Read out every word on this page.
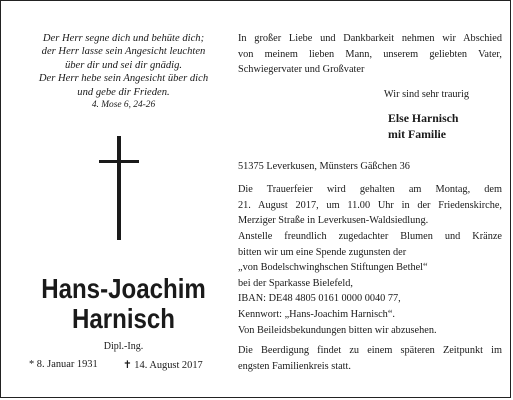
Der Herr segne dich und behüte dich;
der Herr lasse sein Angesicht leuchten
über dir und sei dir gnädig.
Der Herr hebe sein Angesicht über dich
und gebe dir Frieden.
4. Mose 6, 24-26
Hans-Joachim
Harnisch
Dipl.-Ing.
* 8. Januar 1931 ✝ 14. August 2017
In großer Liebe und Dankbarkeit nehmen wir Abschied
von meinem lieben Mann, unserem geliebten Vater,
Schwiegervater und Großvater
Wir sind sehr traurig
Else Harnisch
mit Familie
51375 Leverkusen, Münsters Gäßchen 36
Die Trauerfeier wird gehalten am Montag, dem
21. August 2017, um 11.00 Uhr in der Friedenskirche,
Merziger Straße in Leverkusen-Waldsiedlung.
Anstelle freundlich zugedachter Blumen und Kränze
bitten wir um eine Spende zugunsten der
„von Bodelschwinghschen Stiftungen Bethel“
bei der Sparkasse Bielefeld,
IBAN: DE48 4805 0161 0000 0040 77,
Kennwort: „Hans-Joachim Harnisch“.
Von Beileidsbekundungen bitten wir abzusehen.
Die Beerdigung findet zu einem späteren Zeitpunkt im
engsten Familienkreis statt.
